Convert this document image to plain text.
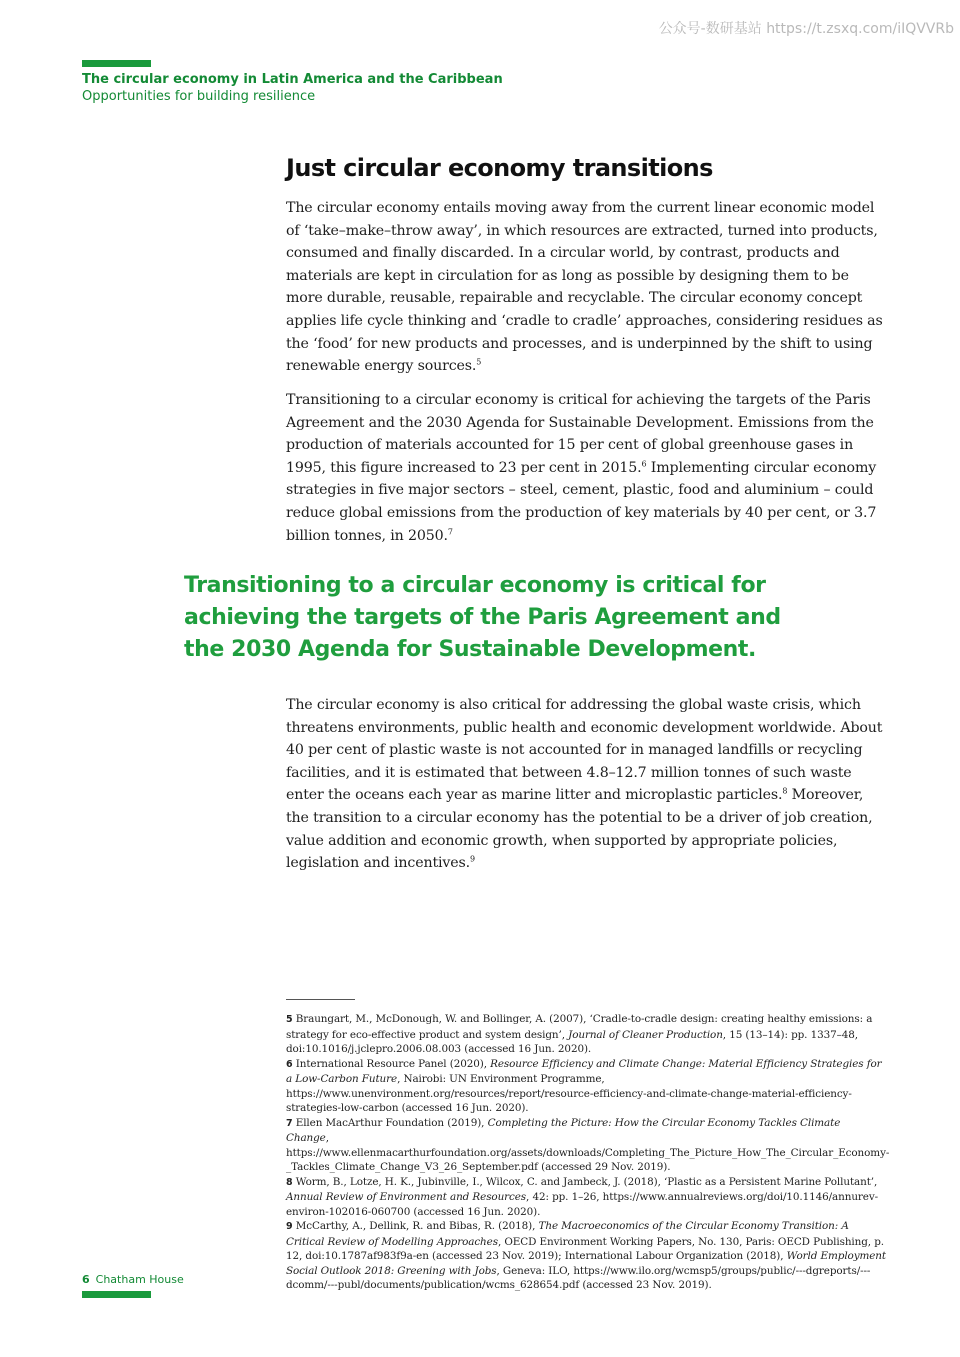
公众号-数研基站 https://t.zsxq.com/iIQVVRb
The circular economy in Latin America and the Caribbean
Opportunities for building resilience
Just circular economy transitions

The circular economy entails moving away from the current linear economic model of ‘take–make–throw away’, in which resources are extracted, turned into products, consumed and finally discarded. In a circular world, by contrast, products and materials are kept in circulation for as long as possible by designing them to be more durable, reusable, repairable and recyclable. The circular economy concept applies life cycle thinking and ‘cradle to cradle’ approaches, considering residues as the ‘food’ for new products and processes, and is underpinned by the shift to using renewable energy sources.$^5$

Transitioning to a circular economy is critical for achieving the targets of the Paris Agreement and the 2030 Agenda for Sustainable Development. Emissions from the production of materials accounted for 15 per cent of global greenhouse gases in 1995, this figure increased to 23 per cent in 2015.$^6$ Implementing circular economy strategies in five major sectors – steel, cement, plastic, food and aluminium – could reduce global emissions from the production of key materials by 40 per cent, or 3.7 billion tonnes, in 2050.$^7$

Transitioning to a circular economy is critical for achieving the targets of the Paris Agreement and the 2030 Agenda for Sustainable Development.

The circular economy is also critical for addressing the global waste crisis, which threatens environments, public health and economic development worldwide. About 40 per cent of plastic waste is not accounted for in managed landfills or recycling facilities, and it is estimated that between 4.8–12.7 million tonnes of such waste enter the oceans each year as marine litter and microplastic particles.$^8$ Moreover, the transition to a circular economy has the potential to be a driver of job creation, value addition and economic growth, when supported by appropriate policies, legislation and incentives.$^9$

5 Braungart, M., McDonough, W. and Bollinger, A. (2007), ‘Cradle-to-cradle design: creating healthy emissions: a strategy for eco-effective product and system design’, Journal of Cleaner Production, 15 (13–14): pp. 1337–48, doi:10.1016/j.jclepro.2006.08.003 (accessed 16 Jun. 2020).

6 International Resource Panel (2020), Resource Efficiency and Climate Change: Material Efficiency Strategies for a Low-Carbon Future, Nairobi: UN Environment Programme, https://www.unenvironment.org/resources/report/resource-efficiency-and-climate-change-material-efficiency-strategies-low-carbon (accessed 16 Jun. 2020).

7 Ellen MacArthur Foundation (2019), Completing the Picture: How the Circular Economy Tackles Climate Change, https://www.ellenmacarthurfoundation.org/assets/downloads/Completing_The_Picture_How_The_Circular_Economy-_Tackles_Climate_Change_V3_26_September.pdf (accessed 29 Nov. 2019).

8 Worm, B., Lotze, H. K., Jubinville, I., Wilcox, C. and Jambeck, J. (2018), ‘Plastic as a Persistent Marine Pollutant’, Annual Review of Environment and Resources, 42: pp. 1–26, https://www.annualreviews.org/doi/10.1146/annurev-environ-102016-060700 (accessed 16 Jun. 2020).

9 McCarthy, A., Dellink, R. and Bibas, R. (2018), The Macroeconomics of the Circular Economy Transition: A Critical Review of Modelling Approaches, OECD Environment Working Papers, No. 130, Paris: OECD Publishing, p. 12, doi:10.1787af983f9a-en (accessed 23 Nov. 2019); International Labour Organization (2018), World Employment Social Outlook 2018: Greening with Jobs, Geneva: ILO, https://www.ilo.org/wcmsp5/groups/public/---dgreports/---dcomm/---publ/documents/publication/wcms_628654.pdf (accessed 23 Nov. 2019).

6 Chatham House
